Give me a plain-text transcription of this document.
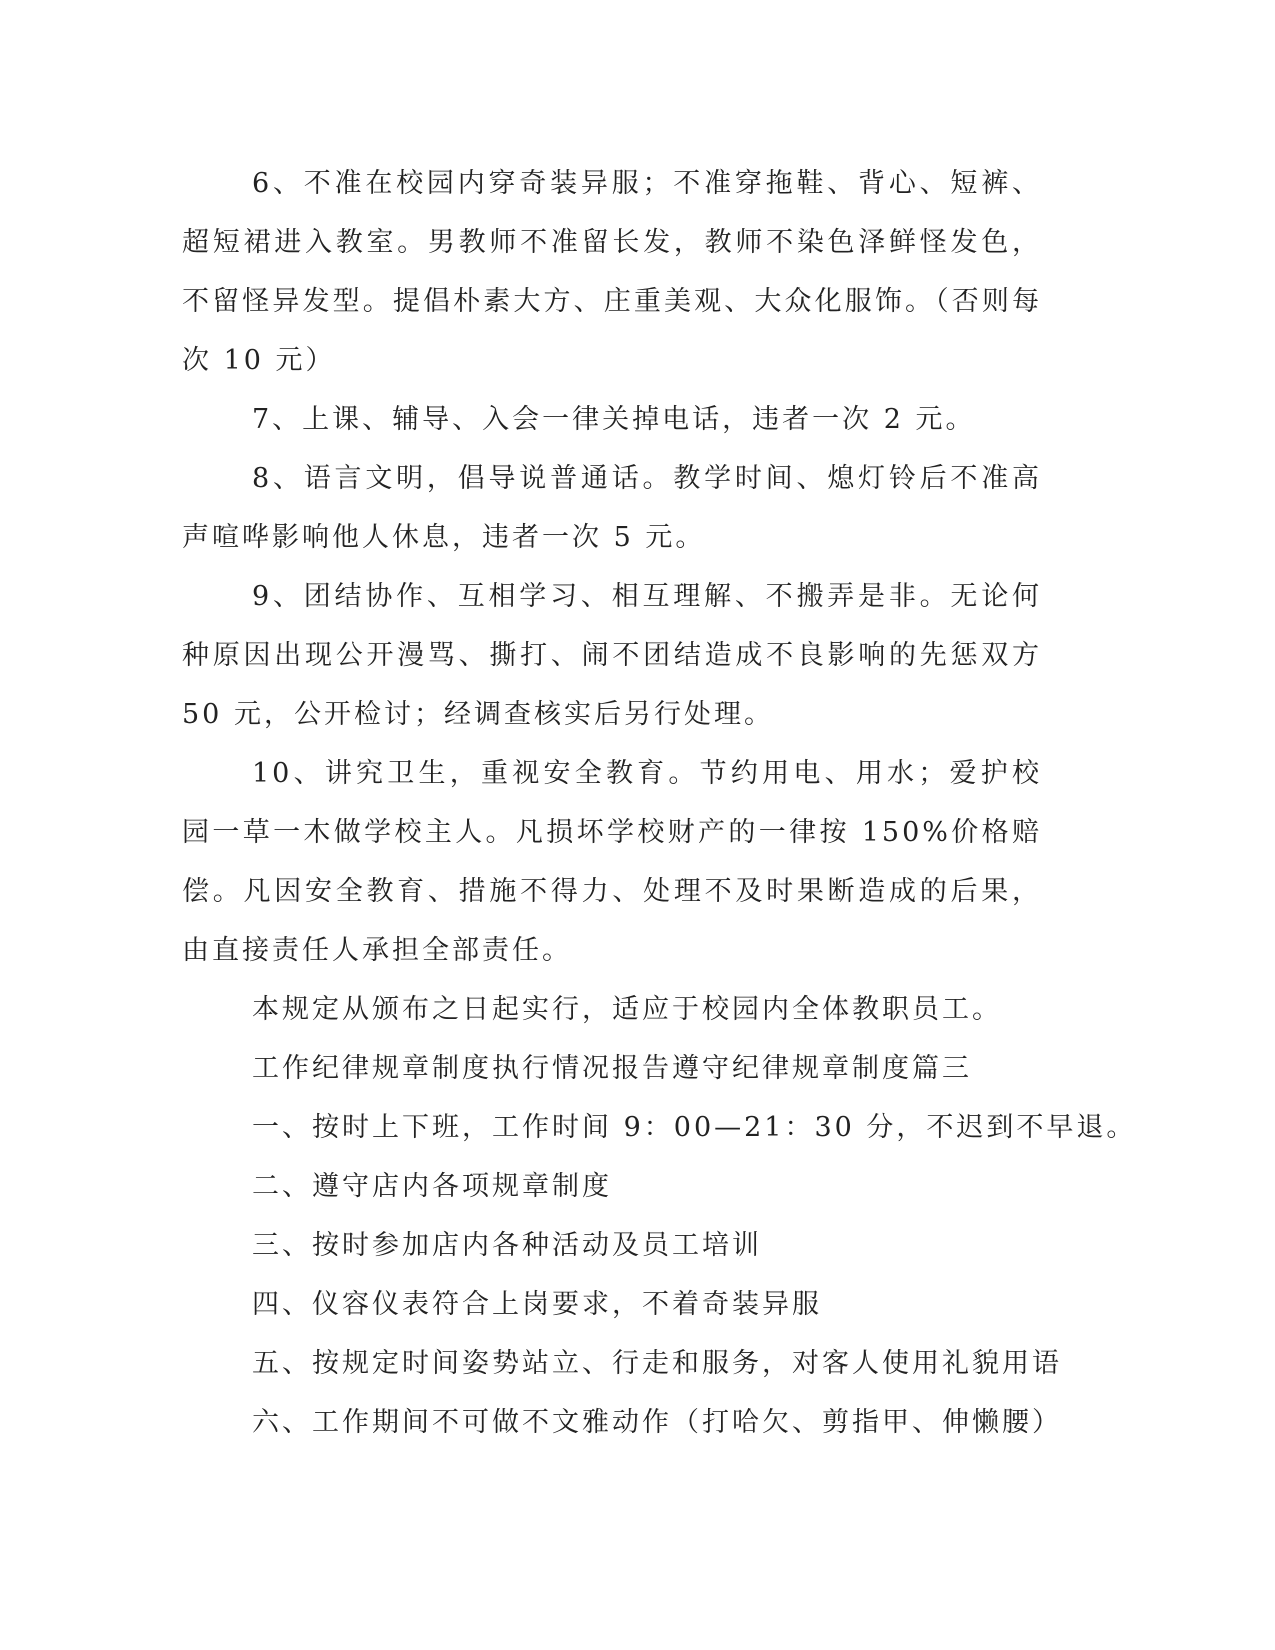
6、不准在校园内穿奇装异服；不准穿拖鞋、背心、短裤、超短裙进入教室。男教师不准留长发，教师不染色泽鲜怪发色，不留怪异发型。提倡朴素大方、庄重美观、大众化服饰。（否则每次 10 元）

7、上课、辅导、入会一律关掉电话，违者一次 2 元。

8、语言文明，倡导说普通话。教学时间、熄灯铃后不准高声喧哗影响他人休息，违者一次 5 元。

9、团结协作、互相学习、相互理解、不搬弄是非。无论何种原因出现公开漫骂、撕打、闹不团结造成不良影响的先惩双方 50 元，公开检讨；经调查核实后另行处理。

10、讲究卫生，重视安全教育。节约用电、用水；爱护校园一草一木做学校主人。凡损坏学校财产的一律按 150%价格赔偿。凡因安全教育、措施不得力、处理不及时果断造成的后果，由直接责任人承担全部责任。

本规定从颁布之日起实行，适应于校园内全体教职员工。

工作纪律规章制度执行情况报告遵守纪律规章制度篇三

一、按时上下班，工作时间 9：00—21：30 分，不迟到不早退。

二、遵守店内各项规章制度

三、按时参加店内各种活动及员工培训

四、仪容仪表符合上岗要求，不着奇装异服

五、按规定时间姿势站立、行走和服务，对客人使用礼貌用语

六、工作期间不可做不文雅动作（打哈欠、剪指甲、伸懒腰）
